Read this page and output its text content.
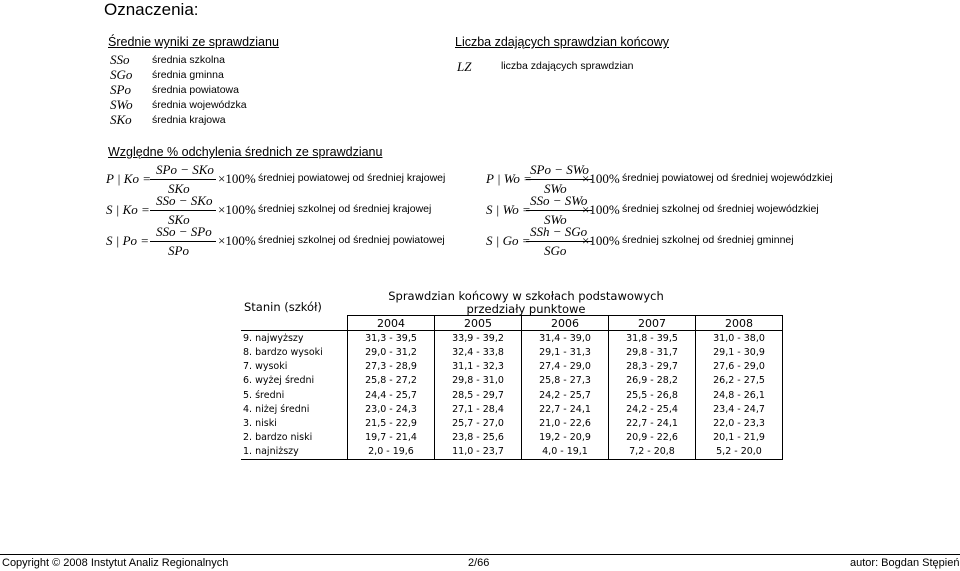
Oznaczenia:
Średnie wyniki ze sprawdzianu
SSo średnia szkolna
SGo średnia gminna
SPo średnia powiatowa
SWo średnia wojewódzka
SKo średnia krajowa
Liczba zdających sprawdzian końcowy
LZ	liczba zdających sprawdzian
Względne % odchylenia średnich ze sprawdzianu
P | Ko =
SPo − SKo
SKo
×100% średniej powiatowej od średniej krajowej
S | Ko =
SSo − SKo
SKo
×100% średniej szkolnej od średniej krajowej
S | Po =
SSo − SPo
SPo
×100% średniej szkolnej od średniej powiatowej
P | Wo =
SPo − SWo
SWo
×100% średniej powiatowej od średniej wojewódzkiej
S | Wo =
SSo − SWo
SWo
×100% średniej szkolnej od średniej wojewódzkiej
S | Go =
SSh − SGo
SGo
×100% średniej szkolnej od średniej gminnej
Stanin (szkół)
Sprawdzian końcowy w szkołach podstawowych
przedziały punktowe
	2004	2005	2006	2007	2008
9. najwyższy	31,3 - 39,5	33,9 - 39,2	31,4 - 39,0	31,8 - 39,5	31,0 - 38,0
8. bardzo wysoki	29,0 - 31,2	32,4 - 33,8	29,1 - 31,3	29,8 - 31,7	29,1 - 30,9
7. wysoki	27,3 - 28,9	31,1 - 32,3	27,4 - 29,0	28,3 - 29,7	27,6 - 29,0
6. wyżej średni	25,8 - 27,2	29,8 - 31,0	25,8 - 27,3	26,9 - 28,2	26,2 - 27,5
5. średni	24,4 - 25,7	28,5 - 29,7	24,2 - 25,7	25,5 - 26,8	24,8 - 26,1
4. niżej średni	23,0 - 24,3	27,1 - 28,4	22,7 - 24,1	24,2 - 25,4	23,4 - 24,7
3. niski	21,5 - 22,9	25,7 - 27,0	21,0 - 22,6	22,7 - 24,1	22,0 - 23,3
2. bardzo niski	19,7 - 21,4	23,8 - 25,6	19,2 - 20,9	20,9 - 22,6	20,1 - 21,9
1. najniższy	2,0 - 19,6	11,0 - 23,7	4,0 - 19,1	7,2 - 20,8	5,2 - 20,0
Copyright © 2008 Instytut Analiz Regionalnych	2/66	autor: Bogdan Stępień
